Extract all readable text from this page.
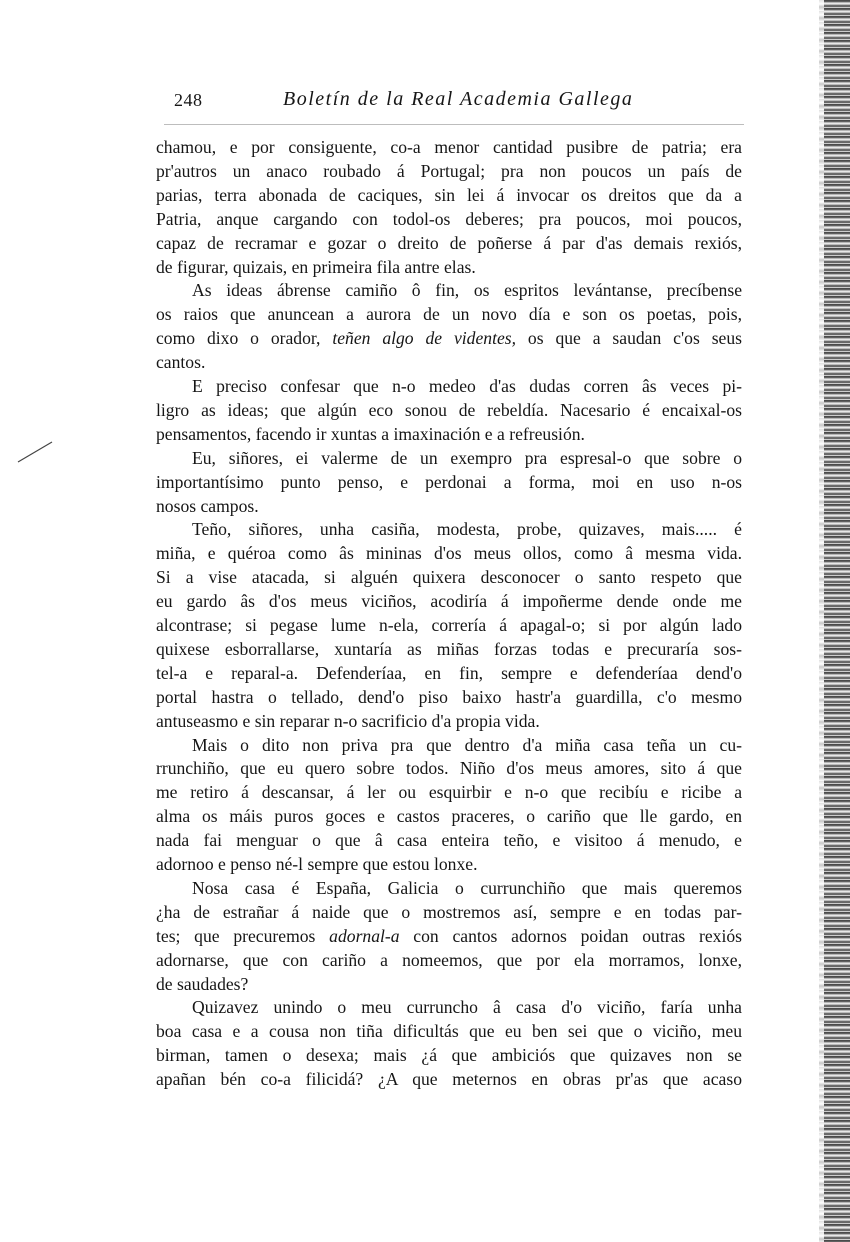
248	Boletín de la Real Academia Gallega
chamou, e por consiguente, co-a menor cantidad pusibre de patria; era
pr'autros un anaco roubado á Portugal; pra non poucos un país de
parias, terra abonada de caciques, sin lei á invocar os dreitos que da a
Patria, anque cargando con todol-os deberes; pra poucos, moi poucos,
capaz de recramar e gozar o dreito de poñerse á par d'as demais rexiós,
de figurar, quizais, en primeira fila antre elas.
As ideas ábrense camiño ô fin, os espritos levántanse, precíbense
os raios que anuncean a aurora de un novo día e son os poetas, pois,
como dixo o orador, teñen algo de videntes, os que a saudan c'os seus
cantos.
E preciso confesar que n-o medeo d'as dudas corren âs veces pi-
ligro as ideas; que algún eco sonou de rebeldía. Nacesario é encaixal-os
pensamentos, facendo ir xuntas a imaxinación e a refreusión.
Eu, siñores, ei valerme de un exempro pra espresal-o que sobre o
importantísimo punto penso, e perdonai a forma, moi en uso n-os
nosos campos.
Teño, siñores, unha casiña, modesta, probe, quizaves, mais..... é
miña, e quéroa como âs mininas d'os meus ollos, como â mesma vida.
Si a vise atacada, si alguén quixera desconocer o santo respeto que
eu gardo âs d'os meus viciños, acodiría á impoñerme dende onde me
alcontrase; si pegase lume n-ela, correría á apagal-o; si por algún lado
quixese esborrallarse, xuntaría as miñas forzas todas e precuraría sos-
tel-a e reparal-a. Defenderíaa, en fin, sempre e defenderíaa dend'o
portal hastra o tellado, dend'o piso baixo hastr'a guardilla, c'o mesmo
antuseasmo e sin reparar n-o sacrificio d'a propia vida.
Mais o dito non priva pra que dentro d'a miña casa teña un cu-
rrunchiño, que eu quero sobre todos. Niño d'os meus amores, sito á que
me retiro á descansar, á ler ou esquirbir e n-o que recibíu e ricibe a
alma os máis puros goces e castos praceres, o cariño que lle gardo, en
nada fai menguar o que â casa enteira teño, e visitoo á menudo, e
adornoo e penso né-l sempre que estou lonxe.
Nosa casa é España, Galicia o currunchiño que mais queremos
¿ha de estrañar á naide que o mostremos así, sempre e en todas par-
tes; que precuremos adornal-a con cantos adornos poidan outras rexiós
adornarse, que con cariño a nomeemos, que por ela morramos, lonxe,
de saudades?
Quizavez unindo o meu curruncho â casa d'o viciño, faría unha
boa casa e a cousa non tiña dificultás que eu ben sei que o viciño, meu
birman, tamen o desexa; mais ¿á que ambiciós que quizaves non se
apañan bén co-a filicidá? ¿A que meternos en obras pr'as que acaso
